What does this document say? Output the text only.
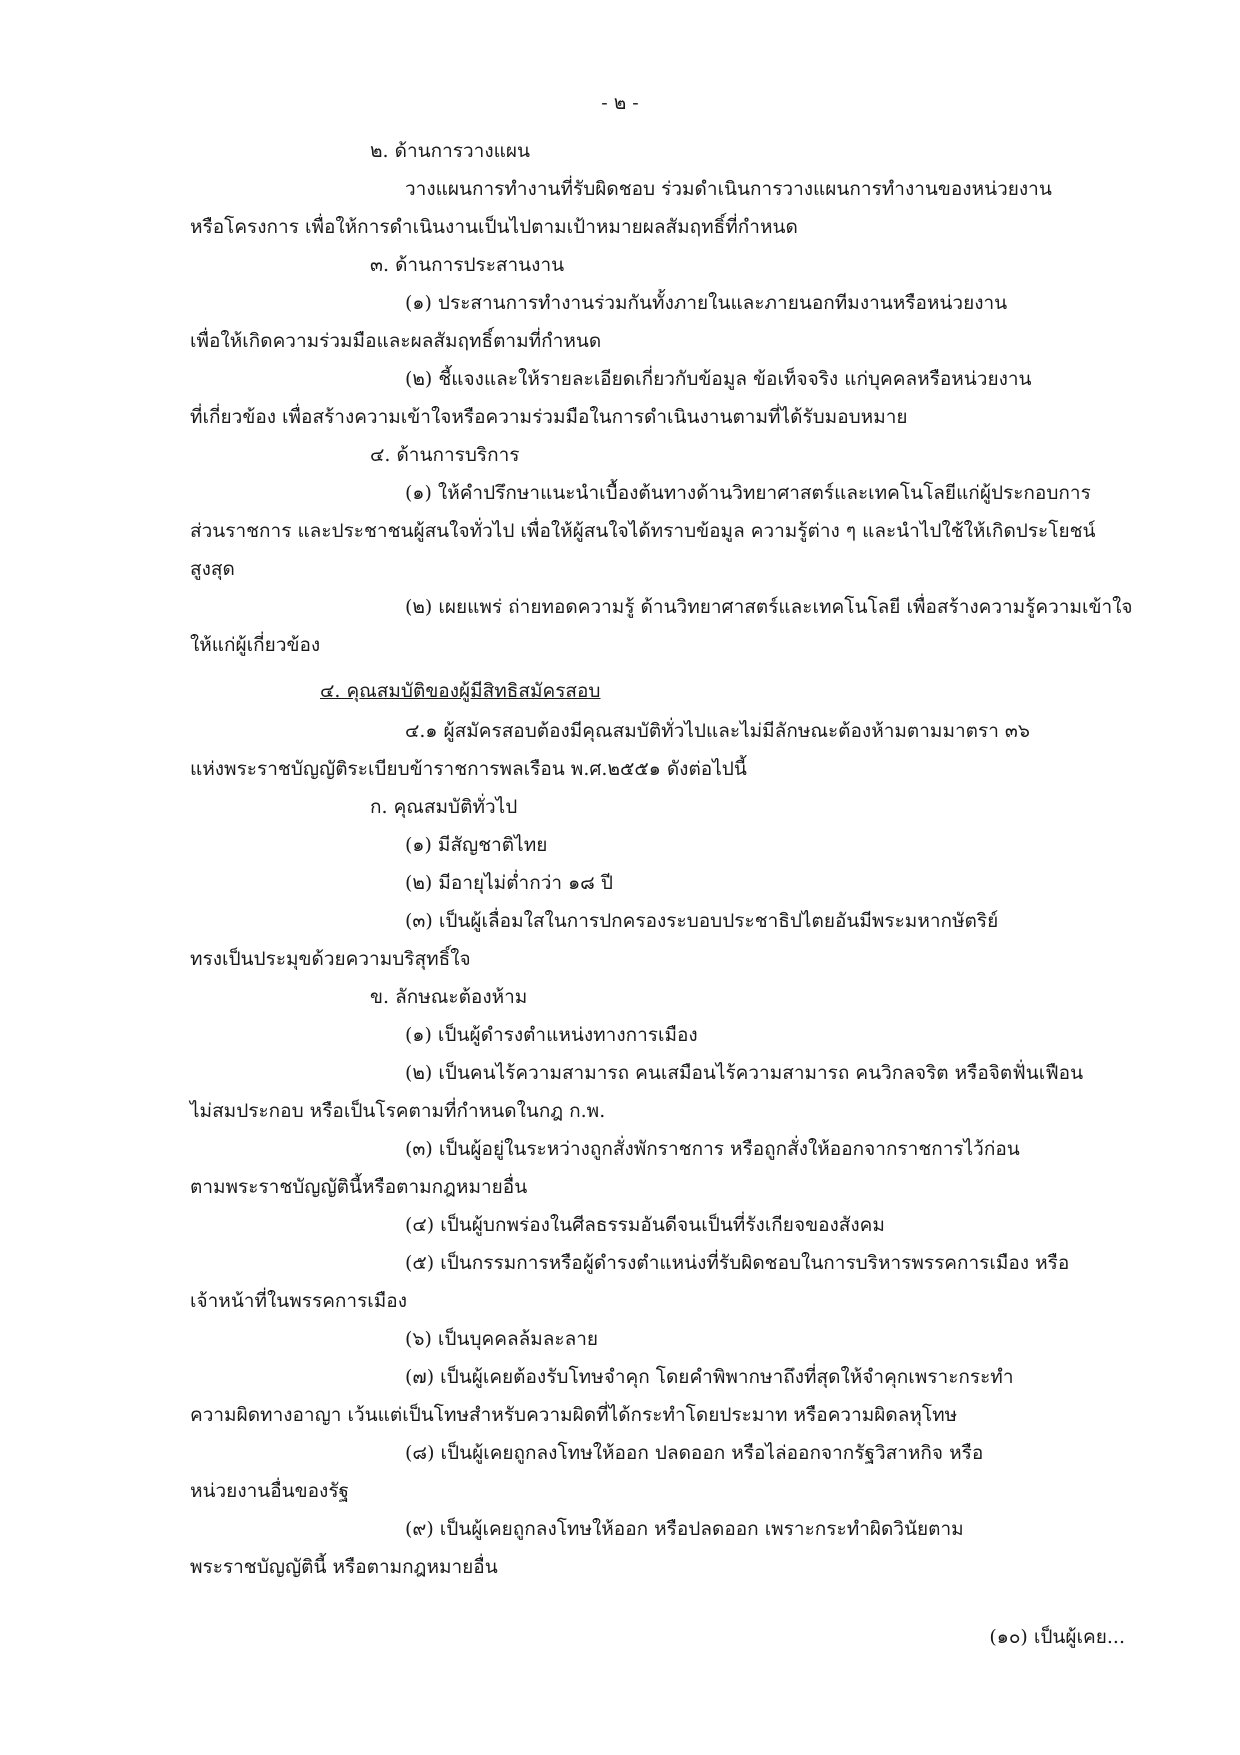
- ๒ -
๒. ด้านการวางแผน
วางแผนการทำงานที่รับผิดชอบ ร่วมดำเนินการวางแผนการทำงานของหน่วยงาน
หรือโครงการ เพื่อให้การดำเนินงานเป็นไปตามเป้าหมายผลสัมฤทธิ์ที่กำหนด
๓. ด้านการประสานงาน
(๑) ประสานการทำงานร่วมกันทั้งภายในและภายนอกทีมงานหรือหน่วยงาน
เพื่อให้เกิดความร่วมมือและผลสัมฤทธิ์ตามที่กำหนด
(๒) ชี้แจงและให้รายละเอียดเกี่ยวกับข้อมูล ข้อเท็จจริง แก่บุคคลหรือหน่วยงาน
ที่เกี่ยวข้อง เพื่อสร้างความเข้าใจหรือความร่วมมือในการดำเนินงานตามที่ได้รับมอบหมาย
๔. ด้านการบริการ
(๑) ให้คำปรึกษาแนะนำเบื้องต้นทางด้านวิทยาศาสตร์และเทคโนโลยีแก่ผู้ประกอบการ
ส่วนราชการ และประชาชนผู้สนใจทั่วไป เพื่อให้ผู้สนใจได้ทราบข้อมูล ความรู้ต่าง ๆ และนำไปใช้ให้เกิดประโยชน์
สูงสุด
(๒) เผยแพร่ ถ่ายทอดความรู้ ด้านวิทยาศาสตร์และเทคโนโลยี เพื่อสร้างความรู้ความเข้าใจ
ให้แก่ผู้เกี่ยวข้อง
๔. คุณสมบัติของผู้มีสิทธิสมัครสอบ
๔.๑ ผู้สมัครสอบต้องมีคุณสมบัติทั่วไปและไม่มีลักษณะต้องห้ามตามมาตรา ๓๖
แห่งพระราชบัญญัติระเบียบข้าราชการพลเรือน พ.ศ.๒๕๕๑ ดังต่อไปนี้
ก. คุณสมบัติทั่วไป
(๑) มีสัญชาติไทย
(๒) มีอายุไม่ต่ำกว่า ๑๘ ปี
(๓) เป็นผู้เลื่อมใสในการปกครองระบอบประชาธิปไตยอันมีพระมหากษัตริย์
ทรงเป็นประมุขด้วยความบริสุทธิ์ใจ
ข. ลักษณะต้องห้าม
(๑) เป็นผู้ดำรงตำแหน่งทางการเมือง
(๒) เป็นคนไร้ความสามารถ คนเสมือนไร้ความสามารถ คนวิกลจริต หรือจิตฟั่นเฟือน
ไม่สมประกอบ หรือเป็นโรคตามที่กำหนดในกฎ ก.พ.
(๓) เป็นผู้อยู่ในระหว่างถูกสั่งพักราชการ หรือถูกสั่งให้ออกจากราชการไว้ก่อน
ตามพระราชบัญญัตินี้หรือตามกฎหมายอื่น
(๔) เป็นผู้บกพร่องในศีลธรรมอันดีจนเป็นที่รังเกียจของสังคม
(๕) เป็นกรรมการหรือผู้ดำรงตำแหน่งที่รับผิดชอบในการบริหารพรรคการเมือง หรือ
เจ้าหน้าที่ในพรรคการเมือง
(๖) เป็นบุคคลล้มละลาย
(๗) เป็นผู้เคยต้องรับโทษจำคุก โดยคำพิพากษาถึงที่สุดให้จำคุกเพราะกระทำ
ความผิดทางอาญา เว้นแต่เป็นโทษสำหรับความผิดที่ได้กระทำโดยประมาท หรือความผิดลหุโทษ
(๘) เป็นผู้เคยถูกลงโทษให้ออก ปลดออก หรือไล่ออกจากรัฐวิสาหกิจ หรือ
หน่วยงานอื่นของรัฐ
(๙) เป็นผู้เคยถูกลงโทษให้ออก หรือปลดออก เพราะกระทำผิดวินัยตาม
พระราชบัญญัตินี้ หรือตามกฎหมายอื่น
(๑๐) เป็นผู้เคย...
